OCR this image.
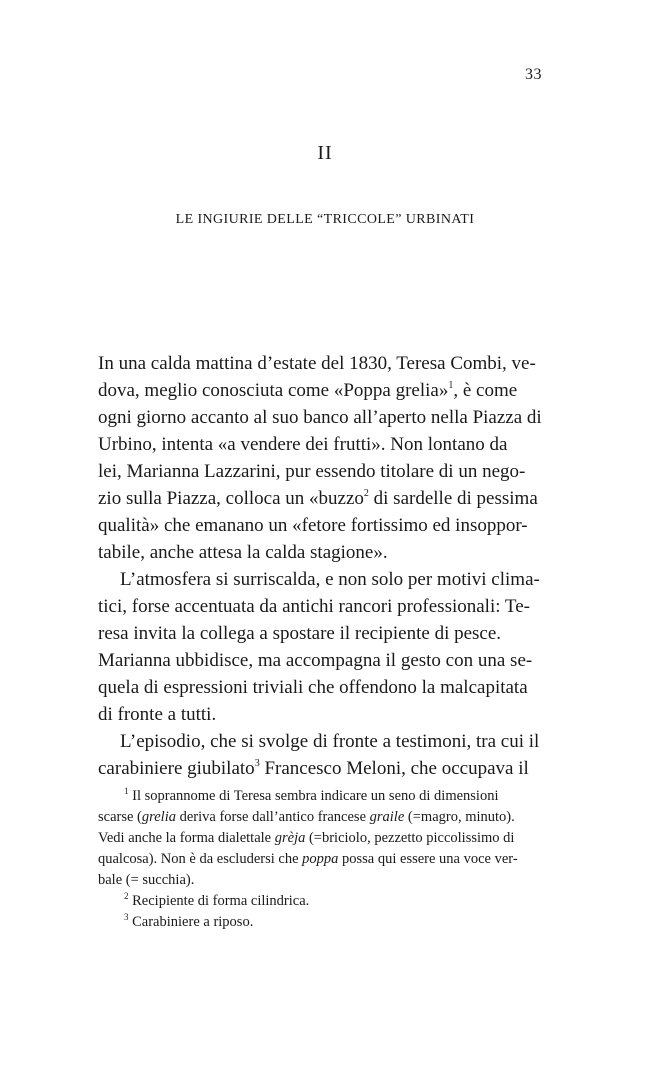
33
II
LE INGIURIE DELLE “TRICCOLE” URBINATI
In una calda mattina d’estate del 1830, Teresa Combi, ve-
dova, meglio conosciuta come «Poppa grelia»$^1$, è come
ogni giorno accanto al suo banco all’aperto nella Piazza di
Urbino, intenta «a vendere dei frutti». Non lontano da
lei, Marianna Lazzarini, pur essendo titolare di un nego-
zio sulla Piazza, colloca un «buzzo$^2$ di sardelle di pessima
qualità» che emanano un «fetore fortissimo ed insoppor-
tabile, anche attesa la calda stagione».
L’atmosfera si surriscalda, e non solo per motivi clima-
tici, forse accentuata da antichi rancori professionali: Te-
resa invita la collega a spostare il recipiente di pesce.
Marianna ubbidisce, ma accompagna il gesto con una se-
quela di espressioni triviali che offendono la malcapitata
di fronte a tutti.
L’episodio, che si svolge di fronte a testimoni, tra cui il
carabiniere giubilato$^3$ Francesco Meloni, che occupava il
$^1$ Il soprannome di Teresa sembra indicare un seno di dimensioni
scarse (grelia deriva forse dall’antico francese graile (=magro, minuto).
Vedi anche la forma dialettale grèja (=briciolo, pezzetto piccolissimo di
qualcosa). Non è da escludersi che poppa possa qui essere una voce ver-
bale (= succhia).
$^2$ Recipiente di forma cilindrica.
$^3$ Carabiniere a riposo.
